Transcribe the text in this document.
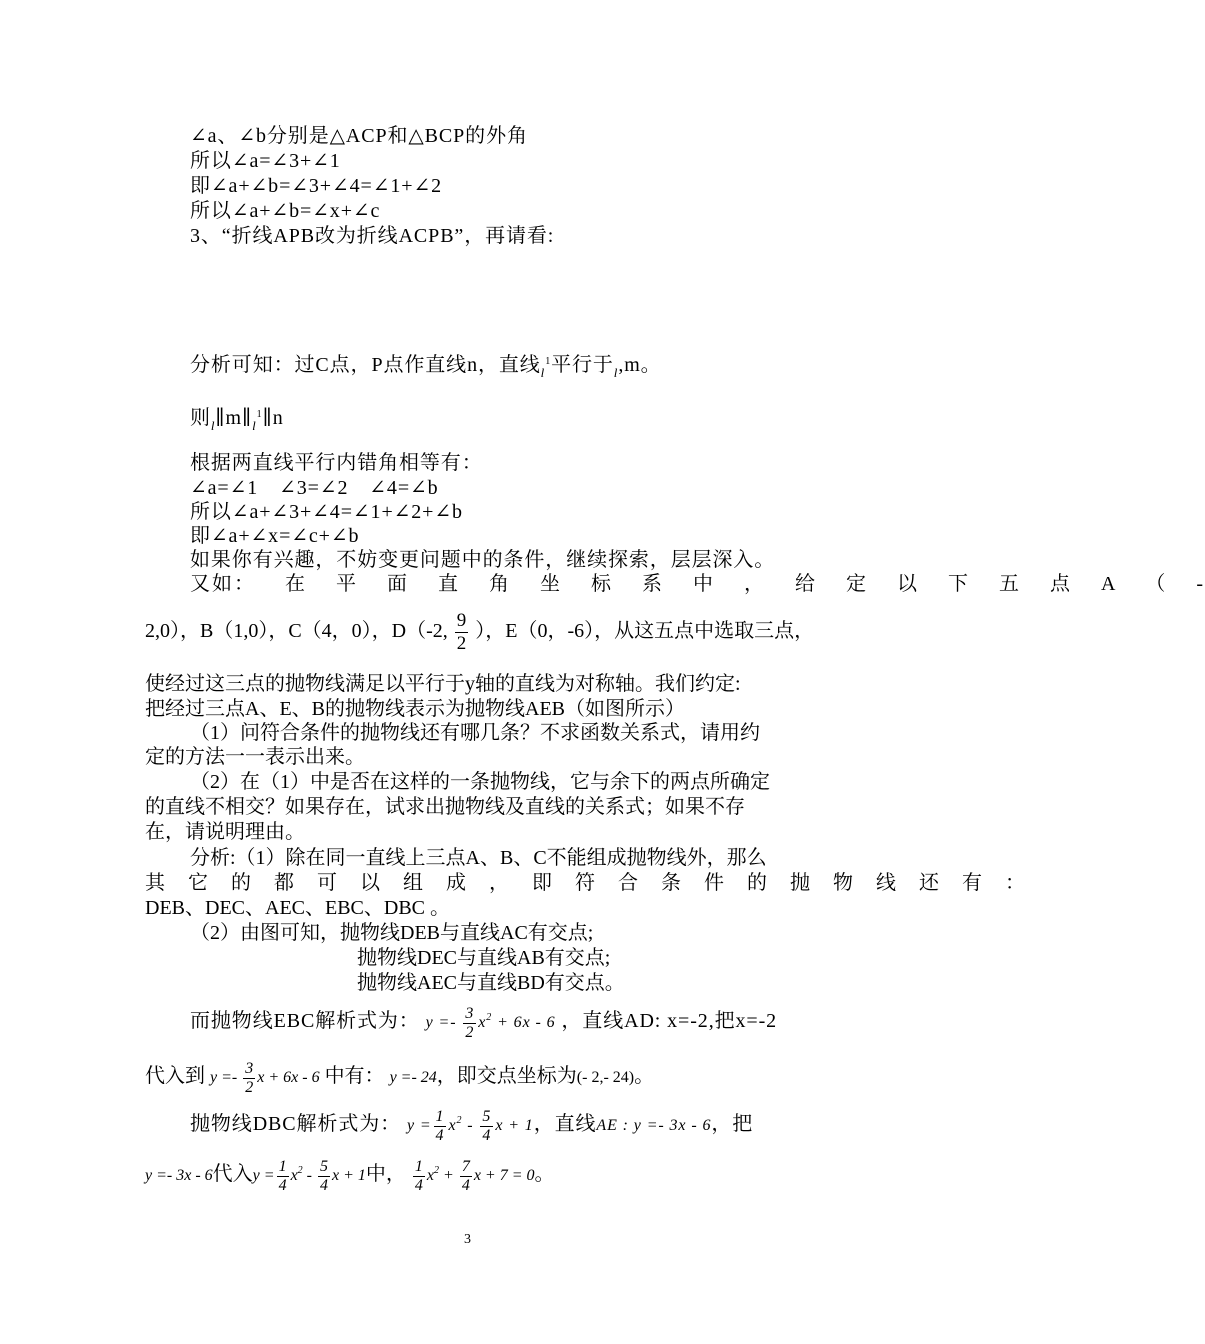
∠a、∠b分别是△ACP和△BCP的外角
所以∠a=∠3+∠1
即∠a+∠b=∠3+∠4=∠1+∠2
所以∠a+∠b=∠x+∠c
3、“折线APB改为折线ACPB”，再请看:
分析可知：过C点，P点作直线n，直线$_l^1$平行于$_l$,m。
则$_l\parallel m\parallel_l^1\parallel n$
根据两直线平行内错角相等有：
∠a=∠1　∠3=∠2　∠4=∠b
所以∠a+∠3+∠4=∠1+∠2+∠b
即∠a+∠x=∠c+∠b
如果你有兴趣，不妨变更问题中的条件，继续探索，层层深入。
又如： 在 平 面 直 角 坐 标 系 中 ， 给 定 以 下 五 点 A （ -
2,0），B（1,0），C（4，0），D（-2, $\frac{9}{2}$ ），E（0，-6），从这五点中选取三点，
使经过这三点的抛物线满足以平行于y轴的直线为对称轴。我们约定:
把经过三点A、E、B的抛物线表示为抛物线AEB（如图所示）
（1）问符合条件的抛物线还有哪几条？不求函数关系式，请用约
定的方法一一表示出来。
（2）在（1）中是否在这样的一条抛物线，它与余下的两点所确定
的直线不相交？如果存在，试求出抛物线及直线的关系式；如果不存
在，请说明理由。
分析:（1）除在同一直线上三点A、B、C不能组成抛物线外，那么
其 它 的 都 可 以 组 成 ， 即 符 合 条 件 的 抛 物 线 还 有 ：
DEB、DEC、AEC、EBC、DBC 。
（2）由图可知，抛物线DEB与直线AC有交点;
抛物线DEC与直线AB有交点;
抛物线AEC与直线BD有交点。
而抛物线EBC解析式为： $y =- \frac{3}{2} x^2 + 6x - 6$ ，直线AD: x=-2,把x=-2
代入到 $y =- \frac{3}{2}$ x + 6x - 6 中有： y =- 24，即交点坐标为(- 2,- 24)。
抛物线DBC解析式为： $y = \frac{1}{4} x^2 - \frac{5}{4}$ x + 1，直线AE : y =- 3x - 6，把
y =- 3x - 6代入$y = \frac{1}{4} x^2 - \frac{5}{4}$ x + 1中， $\frac{1}{4} x^2 + \frac{7}{4}$ x + 7 = 0。
3
